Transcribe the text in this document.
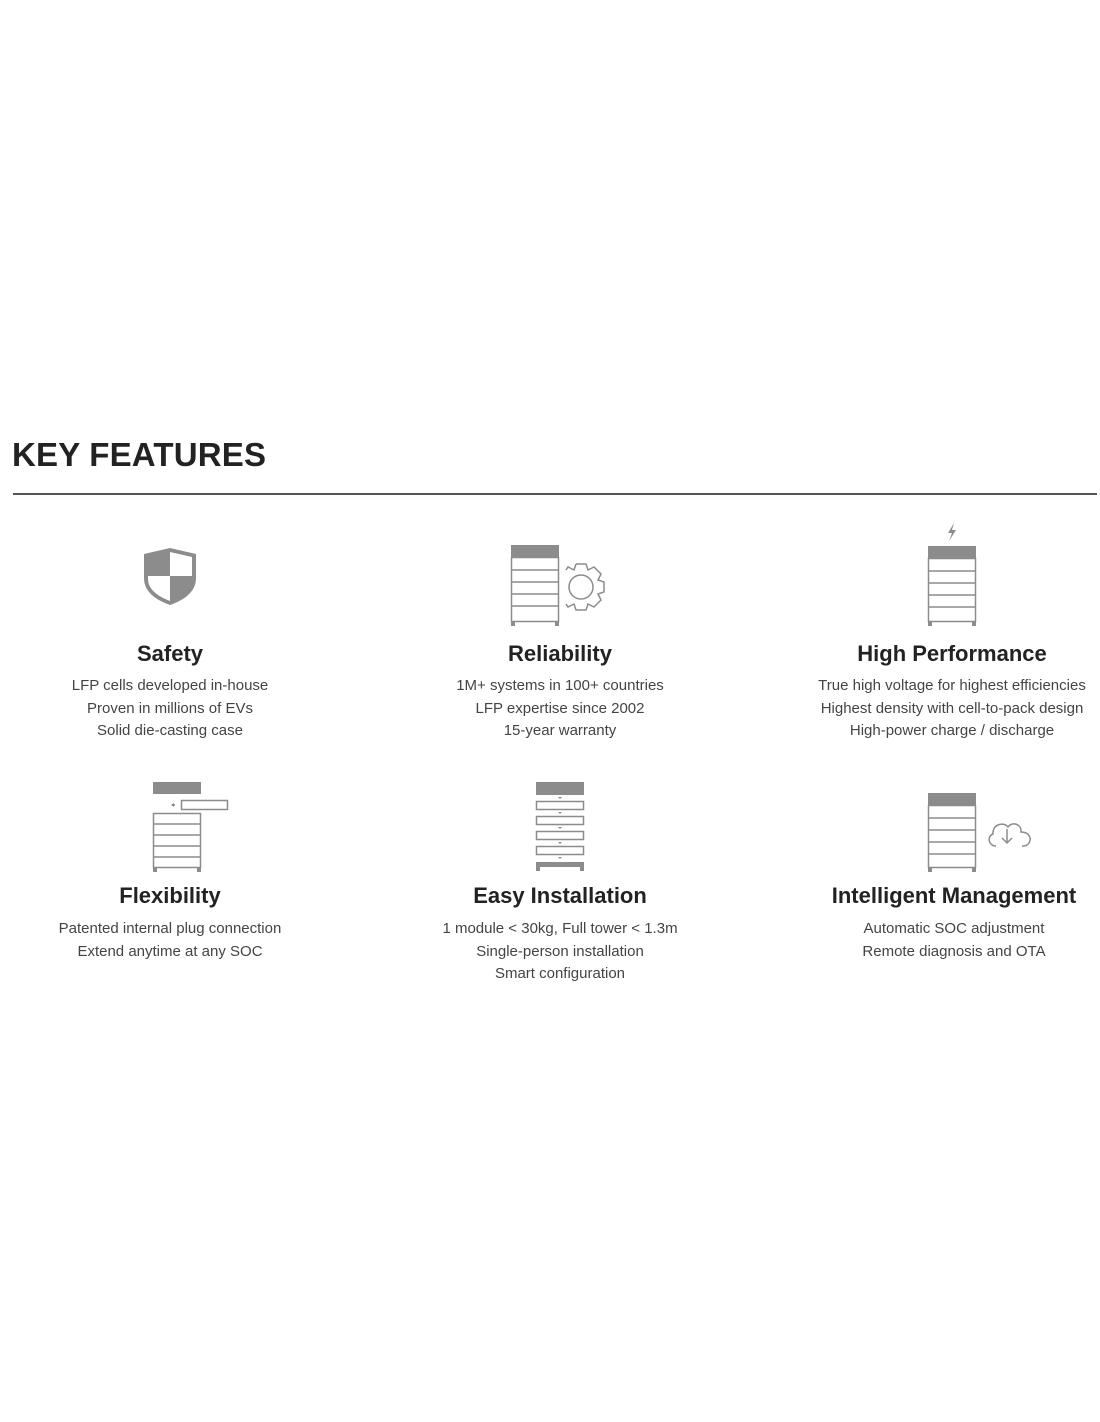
KEY FEATURES
Safety
LFP cells developed in-house
Proven in millions of EVs
Solid die-casting case
Reliability
1M+ systems in 100+ countries
LFP expertise since 2002
15-year warranty
High Performance
True high voltage for highest efficiencies
Highest density with cell-to-pack design
High-power charge / discharge
Flexibility
Patented internal plug connection
Extend anytime at any SOC
Easy Installation
1 module < 30kg, Full tower < 1.3m
Single-person installation
Smart configuration
Intelligent Management
Automatic SOC adjustment
Remote diagnosis and OTA
